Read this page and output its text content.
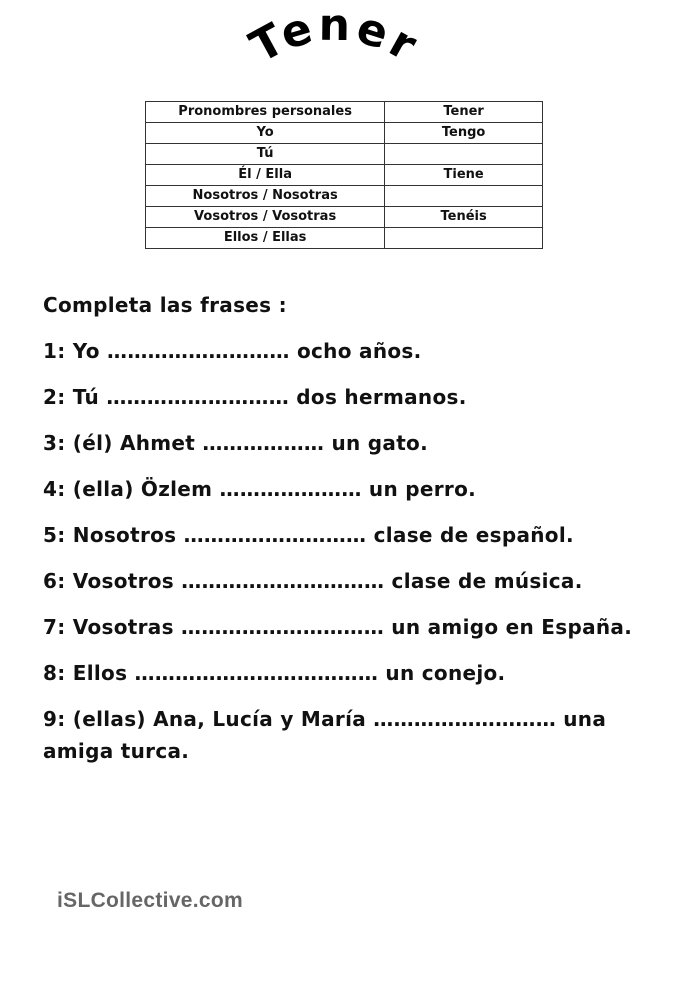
Tener
Pronombres personales	Tener
Yo	Tengo
Tú	
Él / Ella	Tiene
Nosotros / Nosotras	
Vosotros / Vosotras	Tenéis
Ellos / Ellas	
Completa las frases :
1: Yo ……………………… ocho años.
2: Tú ……………………… dos hermanos.
3: (él) Ahmet ……………… un gato.
4: (ella) Özlem ………………… un perro.
5: Nosotros ……………………… clase de español.
6: Vosotros ………………………… clase de música.
7: Vosotras ………………………… un amigo en España.
8: Ellos ……………………………… un conejo.
9: (ellas) Ana, Lucía y María ……………………… una amiga turca.
iSLCollective.com
